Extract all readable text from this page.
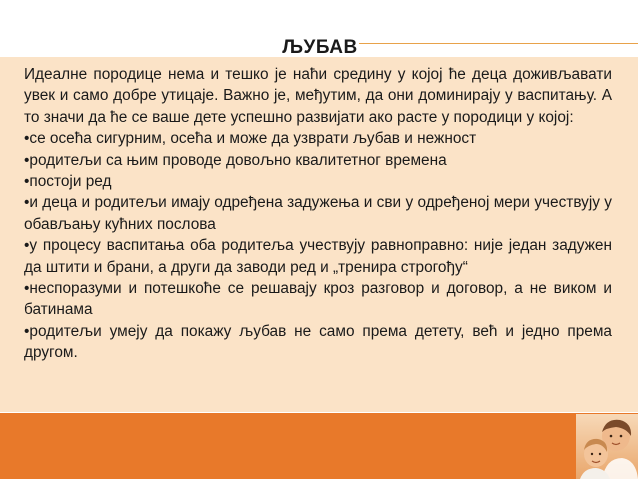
ЉУБАВ

Идеалне породице нема и тешко је наћи средину у којој ће деца доживљавати увек и само добре утицаје. Важно је, међутим, да они доминирају у васпитању. А то значи да ће се ваше дете успешно развијати ако расте у породици у којој:

•се осећа сигурним, осећа и може да узврати љубав и нежност

•родитељи са њим проводе довољно квалитетног времена

•постоји ред

•и деца и родитељи имају одређена задужења и сви у одређеној мери учествују у обављању кућних послова

•у процесу васпитања оба родитеља учествују равноправно: није један задужен да штити и брани, а други да заводи ред и „тренира строгођу“

•неспоразуми и потешкоће се решавају кроз разговор и договор, а не виком и батинама

•родитељи умеју да покажу љубав не само према детету, већ и једно према другом.
